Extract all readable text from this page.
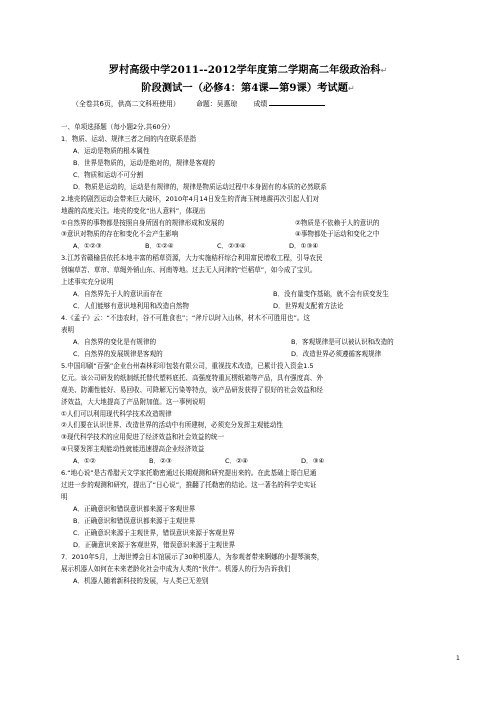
罗村高级中学2011--2012学年度第二学期高二年级政治科↵
阶段测试一（必修4：第4课—第9课）考试题↵
（全卷共6页，供高二文科班使用） 命题：吴惠琼 成绩
一、单项选择题（每小题2分,共60分）
1．物质、运动、规律三者之间的内在联系是指
A．运动是物质的根本属性
B．世界是物质的，运动是绝对的，规律是客观的
C．物质和运动不可分割
D．物质是运动的，运动是有规律的，规律是物质运动过程中本身固有的本质的必然联系
2.地壳的剧烈运动会带来巨大破坏，2010年4月14日发生的青海玉树地震再次引起人们对
地震的高度关注。地壳的变化“出人意料”，体现出
①自然界的事物都是按照自身所固有的规律形成和发展的	②物质是不依赖于人的意识的
③意识对物质的存在和变化不会产生影响	④事物都处于运动和变化之中
A．①②③	B．①②④	C．②③④	D．①③④
3.江苏省赣榆县依托本地丰富的稻草资源，大力实施秸秆综合利用富民增收工程，引导农民
创编草苫、草帘、草绳外销山东、河南等地。过去无人问津的“烂稻草”，如今成了宝贝。
上述事实充分说明
A．自然界先于人的意识而存在	B．没有量变作基础，就不会有质变发生
C．人们能够有意识地利用和改造自然物	D．世界观支配着方法论
4.《孟子》云：“不违农时，谷不可胜食也”；“斧斤以时入山林，材木不可胜用也”。这
表明
A．自然界的变化是有规律的	B．客观规律是可以被认识和改造的
C．自然界的发展规律是客观的	D．改造世界必须遵循客观规律
5.中国印刷“百强”企业台州森林彩印包装有限公司，重视技术改造，已累计投入资金1.5
亿元。该公司研发的纸制纸托替代塑料底托、高强度特重瓦楞纸箱等产品，具有强度高、外
观美、防潮性能好、易回收、可降解无污染等特点，该产品研发获得了很好的社会效益和经
济效益，大大地提高了产品附加值。这一事例说明
①人们可以利用现代科学技术改造规律
②人们要在认识世界、改造世界的活动中有所建树，必须充分发挥主观能动性
③现代科学技术的应用促进了经济效益和社会效益的统一
④只要发挥主观能动性就能迅速提高企业经济效益
A．①②	B．②③	C．②④	D．③④
6.“地心说”是古希腊天文学家托勒密通过长期观测和研究提出来的。在此基础上哥白尼通
过进一步的观测和研究，提出了“日心说”，推翻了托勒密的结论。这一著名的科学史实证
明
A．正确意识和错误意识都来源于客观世界
B．正确意识和错误意识都来源于主观世界
C．正确意识来源于主观世界，错误意识来源于客观世界
D．正确意识来源于客观世界，错误意识来源于主观世界
7．2010年5月，上海世博会日本馆展示了30种机器人，为参观者带来婀娜的小提琴演奏，
展示机器人如何在未来老龄化社会中成为人类的“伙伴”。机器人的行为告诉我们
A．机器人随着新科技的发展，与人类已无差别
1
